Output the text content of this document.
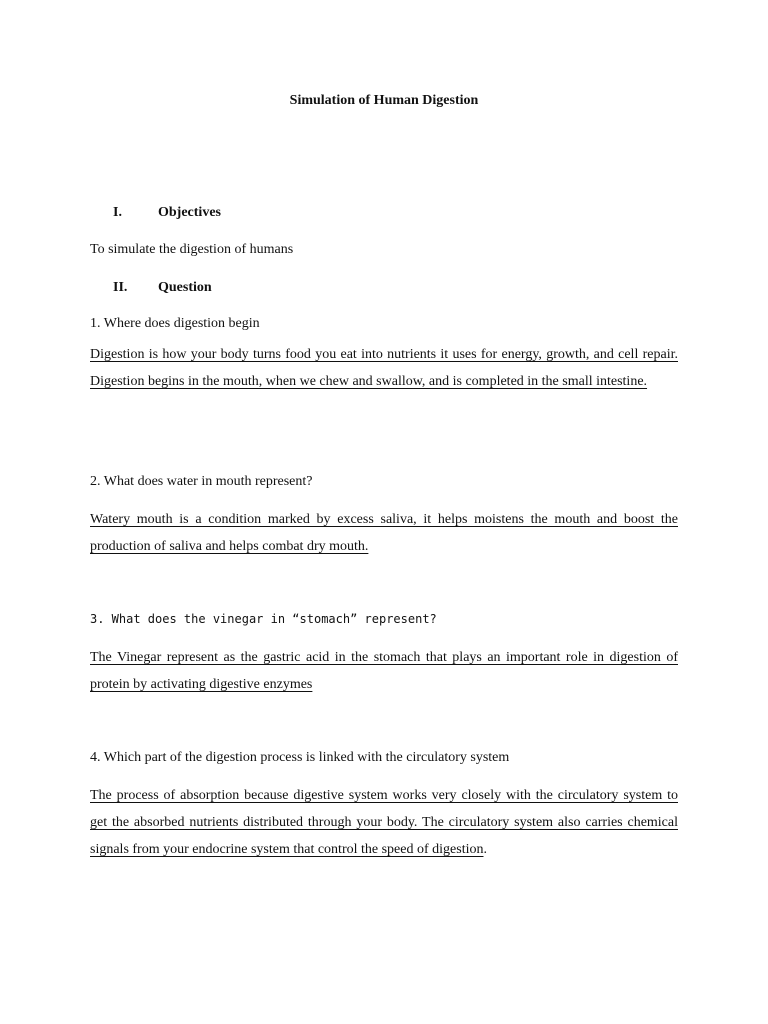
Simulation of Human Digestion
I.	Objectives
To simulate the digestion of humans
II. Question
1. Where does digestion begin
Digestion is how your body turns food you eat into nutrients it uses for energy, growth, and cell repair. Digestion begins in the mouth, when we chew and swallow, and is completed in the small intestine.
2. What does water in mouth represent?
Watery mouth is a condition marked by excess saliva, it helps moistens the mouth and boost the production of saliva and helps combat dry mouth.
3. What does the vinegar in “stomach” represent?
The Vinegar represent as the gastric acid in the stomach that plays an important role in digestion of protein by activating digestive enzymes
4. Which part of the digestion process is linked with the circulatory system
The process of absorption because digestive system works very closely with the circulatory system to get the absorbed nutrients distributed through your body. The circulatory system also carries chemical signals from your endocrine system that control the speed of digestion.
